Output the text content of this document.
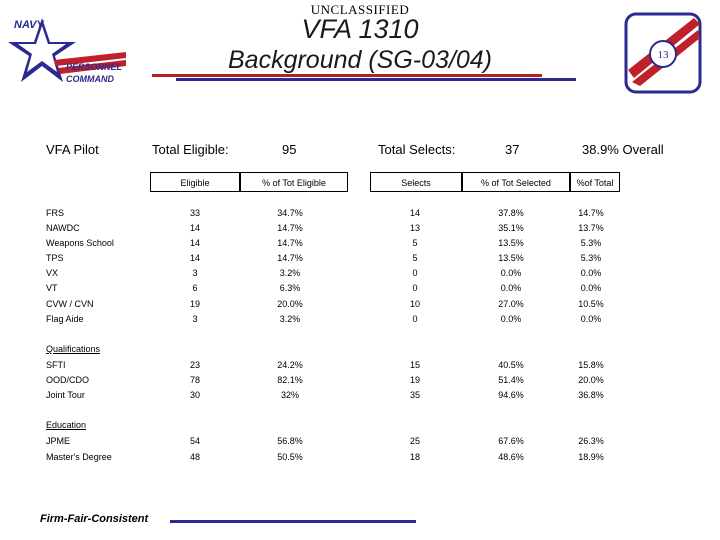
UNCLASSIFIED
VFA 1310
Background (SG-03/04)
NAVY
PERSONNEL
COMMAND
13
VFA Pilot	Total Eligible:	95	Total Selects:	37	38.9% Overall
Eligible	% of Tot Eligible	Selects	% of Tot Selected	%of Total
Qualifications
Education
FRS	33	34.7%	14	37.8%	14.7%
NAWDC	14	14.7%	13	35.1%	13.7%
Weapons School	14	14.7%	5	13.5%	5.3%
TPS	14	14.7%	5	13.5%	5.3%
VX	3	3.2%	0	0.0%	0.0%
VT	6	6.3%	0	0.0%	0.0%
CVW / CVN	19	20.0%	10	27.0%	10.5%
Flag Aide	3	3.2%	0	0.0%	0.0%
SFTI	23	24.2%	15	40.5%	15.8%
OOD/CDO	78	82.1%	19	51.4%	20.0%
Joint Tour	30	32%	35	94.6%	36.8%
JPME	54	56.8%	25	67.6%	26.3%
Master's Degree	48	50.5%	18	48.6%	18.9%
Firm-Fair-Consistent
